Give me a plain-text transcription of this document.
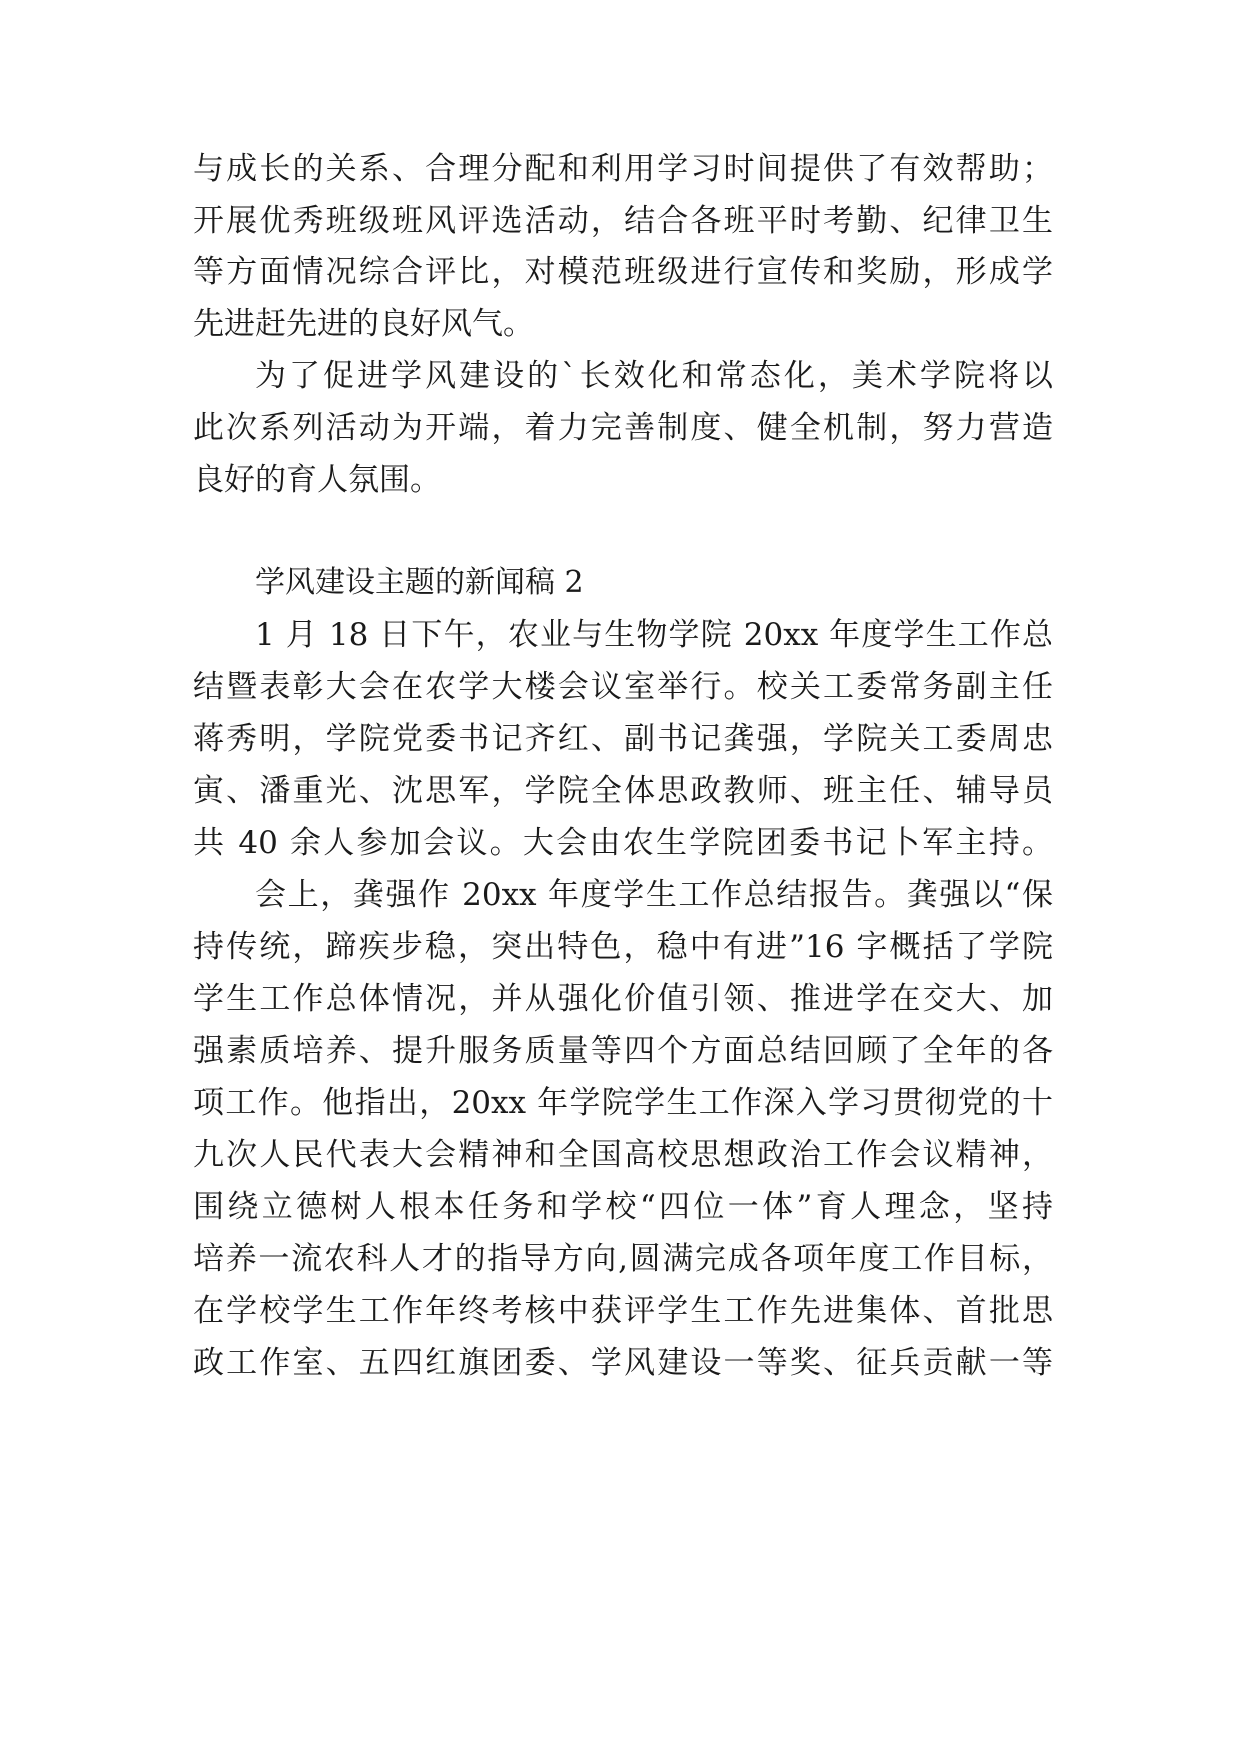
与成长的关系、合理分配和利用学习时间提供了有效帮助；
开展优秀班级班风评选活动，结合各班平时考勤、纪律卫生
等方面情况综合评比，对模范班级进行宣传和奖励，形成学
先进赶先进的良好风气。
为了促进学风建设的`长效化和常态化，美术学院将以
此次系列活动为开端，着力完善制度、健全机制，努力营造
良好的育人氛围。
学风建设主题的新闻稿 2
1 月 18 日下午，农业与生物学院 20xx 年度学生工作总
结暨表彰大会在农学大楼会议室举行。校关工委常务副主任
蒋秀明，学院党委书记齐红、副书记龚强，学院关工委周忠
寅、潘重光、沈思军，学院全体思政教师、班主任、辅导员
共 40 余人参加会议。大会由农生学院团委书记卜军主持。
会上，龚强作 20xx 年度学生工作总结报告。龚强以“保
持传统，蹄疾步稳，突出特色，稳中有进”16 字概括了学院
学生工作总体情况，并从强化价值引领、推进学在交大、加
强素质培养、提升服务质量等四个方面总结回顾了全年的各
项工作。他指出，20xx 年学院学生工作深入学习贯彻党的十
九次人民代表大会精神和全国高校思想政治工作会议精神，
围绕立德树人根本任务和学校“四位一体”育人理念，坚持
培养一流农科人才的指导方向,圆满完成各项年度工作目标，
在学校学生工作年终考核中获评学生工作先进集体、首批思
政工作室、五四红旗团委、学风建设一等奖、征兵贡献一等
